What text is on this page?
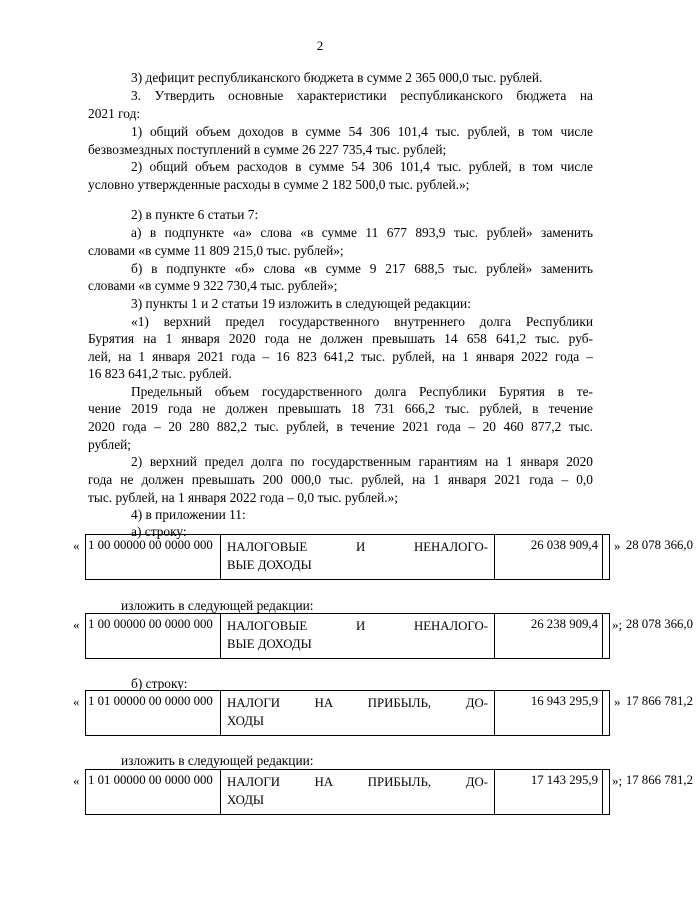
2
3) дефицит республиканского бюджета в сумме 2 365 000,0 тыс. рублей.
3. Утвердить основные характеристики республиканского бюджета на
2021 год:
1) общий объем доходов в сумме 54 306 101,4 тыс. рублей, в том числе
безвозмездных поступлений в сумме 26 227 735,4 тыс. рублей;
2) общий объем расходов в сумме 54 306 101,4 тыс. рублей, в том числе
условно утвержденные расходы в сумме 2 182 500,0 тыс. рублей.»;
2) в пункте 6 статьи 7:
а) в подпункте «а» слова «в сумме 11 677 893,9 тыс. рублей» заменить
словами «в сумме 11 809 215,0 тыс. рублей»;
б) в подпункте «б» слова «в сумме 9 217 688,5 тыс. рублей» заменить
словами «в сумме 9 322 730,4 тыс. рублей»;
3) пункты 1 и 2 статьи 19 изложить в следующей редакции:
«1) верхний предел государственного внутреннего долга Республики
Бурятия на 1 января 2020 года не должен превышать 14 658 641,2 тыс. руб-
лей, на 1 января 2021 года – 16 823 641,2 тыс. рублей, на 1 января 2022 года –
16 823 641,2 тыс. рублей.
Предельный объем государственного долга Республики Бурятия в те-
чение 2019 года не должен превышать 18 731 666,2 тыс. рублей, в течение
2020 года – 20 280 882,2 тыс. рублей, в течение 2021 года – 20 460 877,2 тыс.
рублей;
2) верхний предел долга по государственным гарантиям на 1 января 2020
года не должен превышать 200 000,0 тыс. рублей, на 1 января 2021 года – 0,0
тыс. рублей, на 1 января 2022 года – 0,0 тыс. рублей.»;
4) в приложении 11:
а) строку:
« 1 00 00000 00 0000 000 НАЛОГОВЫЕ И НЕНАЛОГО-
ВЫЕ ДОХОДЫ
26 038 909,4 28 078 366,0
»
изложить в следующей редакции:
« 1 00 00000 00 0000 000 НАЛОГОВЫЕ И НЕНАЛОГО-
ВЫЕ ДОХОДЫ
26 238 909,4 28 078 366,0
»;
б) строку:
« 1 01 00000 00 0000 000 НАЛОГИ НА ПРИБЫЛЬ, ДО-
ХОДЫ
16 943 295,9 17 866 781,2
»
изложить в следующей редакции:
« 1 01 00000 00 0000 000 НАЛОГИ НА ПРИБЫЛЬ, ДО-
ХОДЫ
17 143 295,9 17 866 781,2
»;
